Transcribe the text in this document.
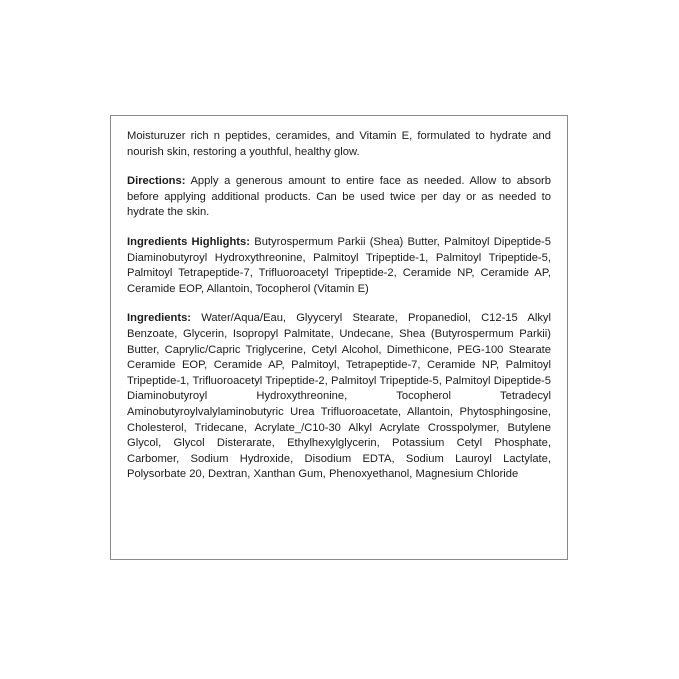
Moisturuzer rich n peptides, ceramides, and Vitamin E, formulated to hydrate and nourish skin, restoring a youthful, healthy glow.

Directions: Apply a generous amount to entire face as needed. Allow to absorb before applying additional products. Can be used twice per day or as needed to hydrate the skin.

Ingredients Highlights: Butyrospermum Parkii (Shea) Butter, Palmitoyl Dipeptide-5 Diaminobutyroyl Hydroxythreonine, Palmitoyl Tripeptide-1, Palmitoyl Tripeptide-5, Palmitoyl Tetrapeptide-7, Trifluoroacetyl Tripeptide-2, Ceramide NP, Ceramide AP, Ceramide EOP, Allantoin, Tocopherol (Vitamin E)

Ingredients: Water/Aqua/Eau, Glyyceryl Stearate, Propanediol, C12-15 Alkyl Benzoate, Glycerin, Isopropyl Palmitate, Undecane, Shea (Butyrospermum Parkii) Butter, Caprylic/Capric Triglycerine, Cetyl Alcohol, Dimethicone, PEG-100 Stearate Ceramide EOP, Ceramide AP, Palmitoyl, Tetrapeptide-7, Ceramide NP, Palmitoyl Tripeptide-1, Trifluoroacetyl Tripeptide-2, Palmitoyl Tripeptide-5, Palmitoyl Dipeptide-5 Diaminobutyroyl Hydroxythreonine, Tocopherol Tetradecyl Aminobutyroylvalylaminobutyric Urea Trifluoroacetate, Allantoin, Phytosphingosine, Cholesterol, Tridecane, Acrylate_/C10-30 Alkyl Acrylate Crosspolymer, Butylene Glycol, Glycol Disterarate, Ethylhexylglycerin, Potassium Cetyl Phosphate, Carbomer, Sodium Hydroxide, Disodium EDTA, Sodium Lauroyl Lactylate, Polysorbate 20, Dextran, Xanthan Gum, Phenoxyethanol, Magnesium Chloride
